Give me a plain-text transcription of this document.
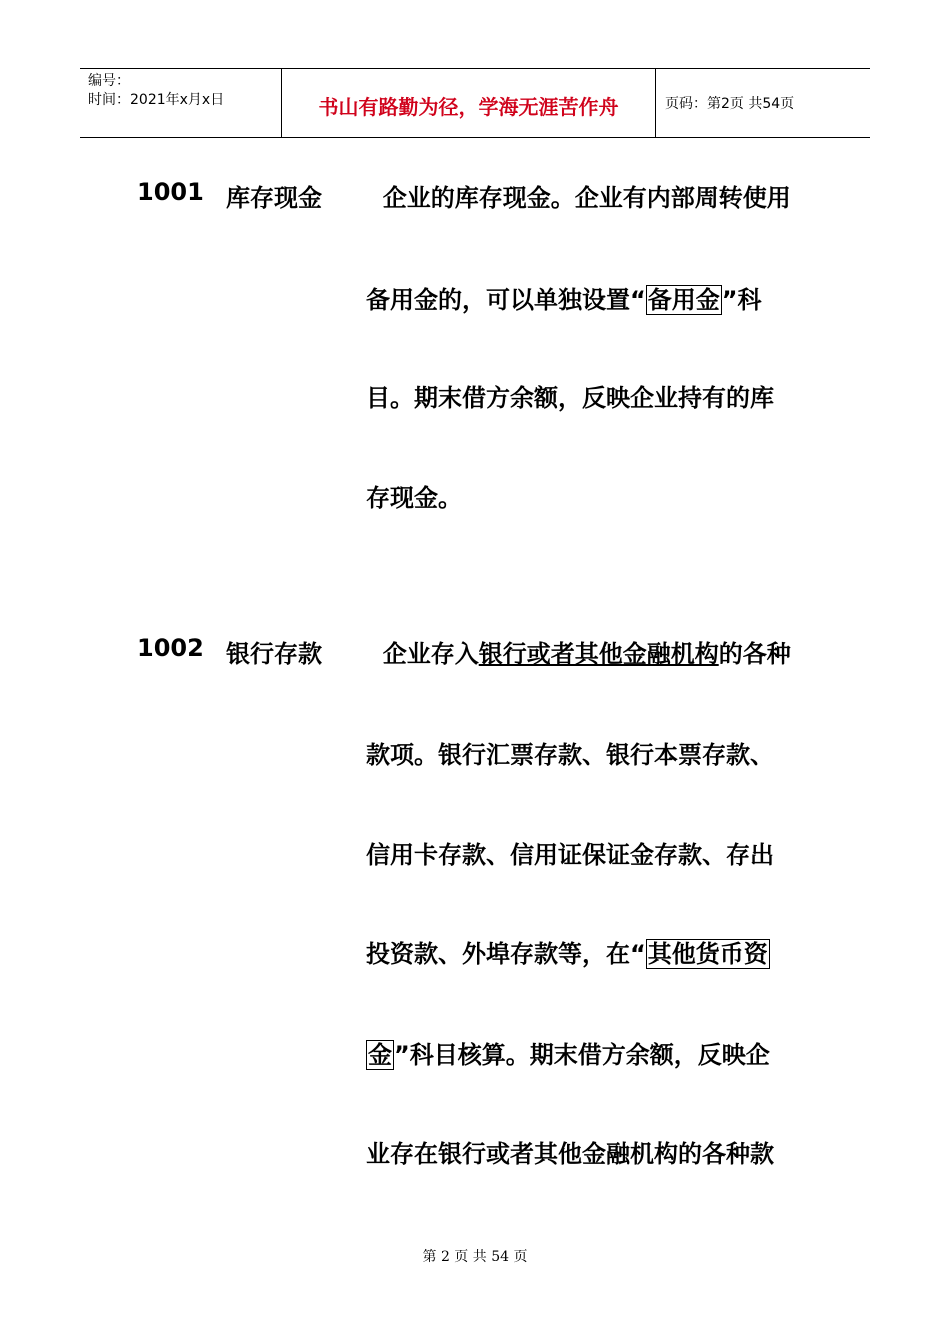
编号：
时间：2021年x月x日	书山有路勤为径，学海无涯苦作舟	页码：第2页 共54页
1001 库存现金 企业的库存现金。企业有内部周转使用
备用金的，可以单独设置“备用金”科
目。期末借方余额，反映企业持有的库
存现金。
1002 银行存款 企业存入银行或者其他金融机构的各种
款项。银行汇票存款、银行本票存款、
信用卡存款、信用证保证金存款、存出
投资款、外埠存款等，在“其他货币资
金”科目核算。期末借方余额，反映企
业存在银行或者其他金融机构的各种款
第 2 页 共 54 页
